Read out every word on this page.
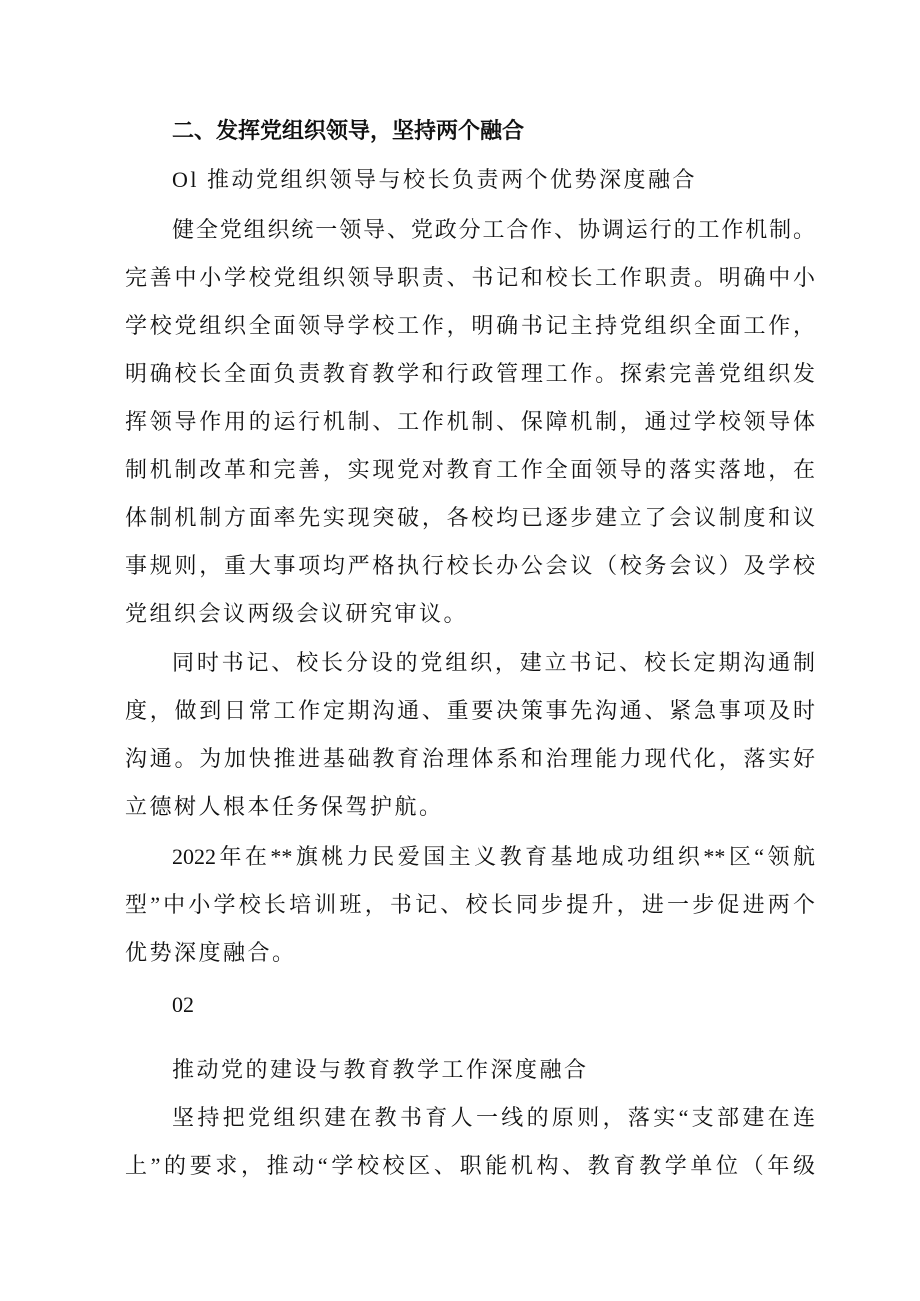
二、发挥党组织领导，坚持两个融合
Ol 推动党组织领导与校长负责两个优势深度融合
健全党组织统一领导、党政分工合作、协调运行的工作机制。
完善中小学校党组织领导职责、书记和校长工作职责。明确中小
学校党组织全面领导学校工作，明确书记主持党组织全面工作，
明确校长全面负责教育教学和行政管理工作。探索完善党组织发
挥领导作用的运行机制、工作机制、保障机制，通过学校领导体
制机制改革和完善，实现党对教育工作全面领导的落实落地，在
体制机制方面率先实现突破，各校均已逐步建立了会议制度和议
事规则，重大事项均严格执行校长办公会议（校务会议）及学校
党组织会议两级会议研究审议。
同时书记、校长分设的党组织，建立书记、校长定期沟通制
度，做到日常工作定期沟通、重要决策事先沟通、紧急事项及时
沟通。为加快推进基础教育治理体系和治理能力现代化，落实好
立德树人根本任务保驾护航。
2022年在**旗桃力民爱国主义教育基地成功组织**区“领航
型”中小学校长培训班，书记、校长同步提升，进一步促进两个
优势深度融合。
坚持把党组织建在教书育人一线的原则，落实“支部建在连
上”的要求，推动“学校校区、职能机构、教育教学单位（年级
02
推动党的建设与教育教学工作深度融合
